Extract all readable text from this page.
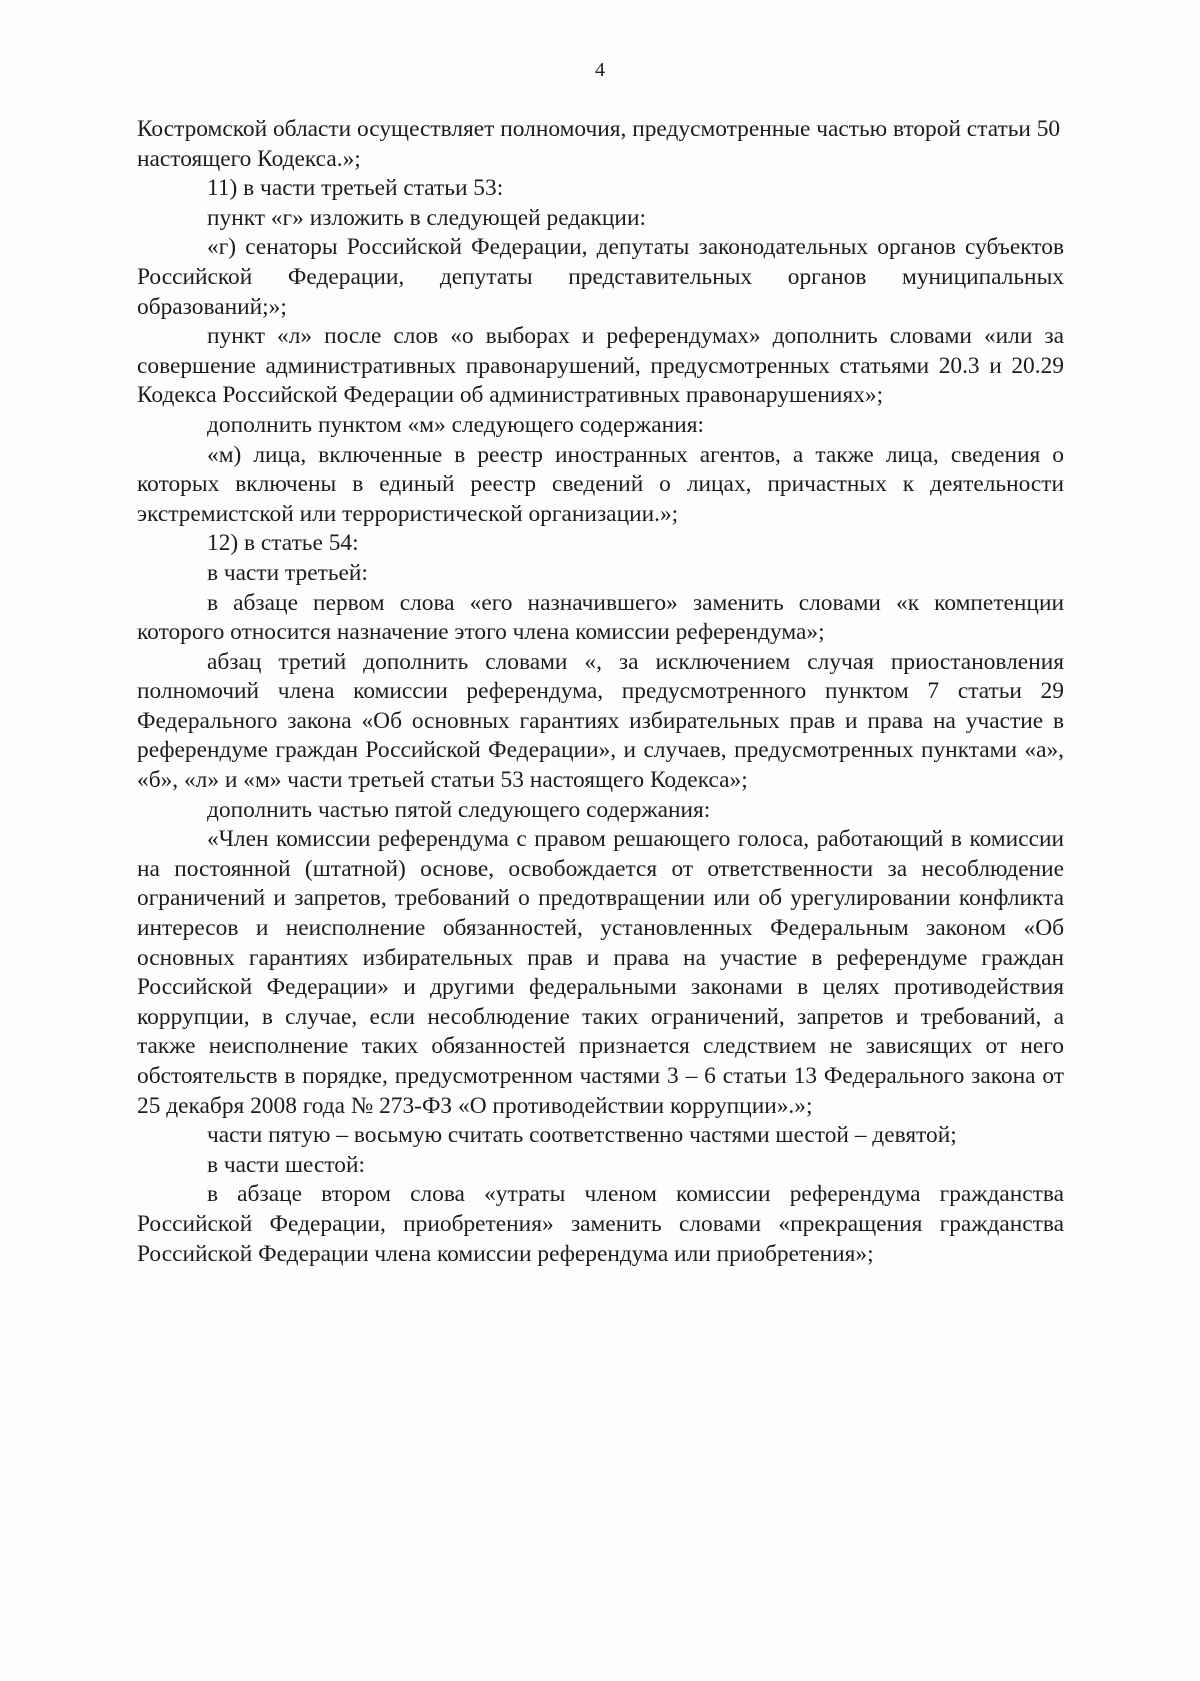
4

Костромской области осуществляет полномочия, предусмотренные частью второй статьи 50 настоящего Кодекса.»;

11) в части третьей статьи 53:

пункт «г» изложить в следующей редакции:

«г) сенаторы Российской Федерации, депутаты законодательных органов субъектов Российской Федерации, депутаты представительных органов муниципальных образований;»;

пункт «л» после слов «о выборах и референдумах» дополнить словами «или за совершение административных правонарушений, предусмотренных статьями 20.3 и 20.29 Кодекса Российской Федерации об административных правонарушениях»;

дополнить пунктом «м» следующего содержания:

«м) лица, включенные в реестр иностранных агентов, а также лица, сведения о которых включены в единый реестр сведений о лицах, причастных к деятельности экстремистской или террористической организации.»;

12) в статье 54:

в части третьей:

в абзаце первом слова «его назначившего» заменить словами «к компетенции которого относится назначение этого члена комиссии референдума»;

абзац третий дополнить словами «, за исключением случая приостановления полномочий члена комиссии референдума, предусмотренного пунктом 7 статьи 29 Федерального закона «Об основных гарантиях избирательных прав и права на участие в референдуме граждан Российской Федерации», и случаев, предусмотренных пунктами «а», «б», «л» и «м» части третьей статьи 53 настоящего Кодекса»;

дополнить частью пятой следующего содержания:

«Член комиссии референдума с правом решающего голоса, работающий в комиссии на постоянной (штатной) основе, освобождается от ответственности за несоблюдение ограничений и запретов, требований о предотвращении или об урегулировании конфликта интересов и неисполнение обязанностей, установленных Федеральным законом «Об основных гарантиях избирательных прав и права на участие в референдуме граждан Российской Федерации» и другими федеральными законами в целях противодействия коррупции, в случае, если несоблюдение таких ограничений, запретов и требований, а также неисполнение таких обязанностей признается следствием не зависящих от него обстоятельств в порядке, предусмотренном частями 3 – 6 статьи 13 Федерального закона от 25 декабря 2008 года № 273-ФЗ «О противодействии коррупции».»;

части пятую – восьмую считать соответственно частями шестой – девятой;

в части шестой:

в абзаце втором слова «утраты членом комиссии референдума гражданства Российской Федерации, приобретения» заменить словами «прекращения гражданства Российской Федерации члена комиссии референдума или приобретения»;
